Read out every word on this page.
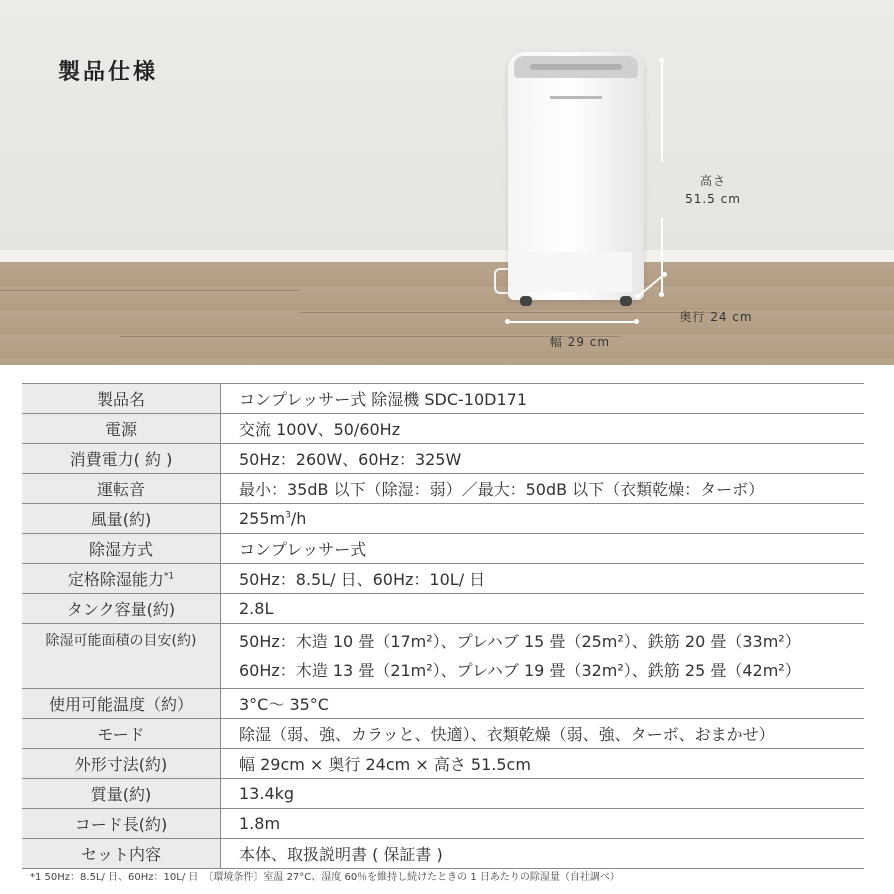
製品仕様
高さ
51.5 cm
奥行 24 cm
幅 29 cm
製品名	コンプレッサー式 除湿機 SDC-10D171
電源	交流 100V、50/60Hz
消費電力( 約 )	50Hz：260W、60Hz：325W
運転音	最小：35dB 以下（除湿：弱）／最大：50dB 以下（衣類乾燥：ターボ）
風量(約)	$255m^3/h$
除湿方式	コンプレッサー式
定格除湿能力$^{*1}$	50Hz：8.5L/ 日、60Hz：10L/ 日
タンク容量(約)	2.8L
除湿可能面積の目安(約)	50Hz：木造 10 畳（17m²）、プレハブ 15 畳（25m²）、鉄筋 20 畳（33m²）
60Hz：木造 13 畳（21m²）、プレハブ 19 畳（32m²）、鉄筋 25 畳（42m²）

使用可能温度（約）	3°C〜 35°C
モード	除湿（弱、強、カラッと、快適）、衣類乾燥（弱、強、ターボ、おまかせ）
外形寸法(約)	幅 29cm × 奥行 24cm × 高さ 51.5cm
質量(約)	13.4kg
コード長(約)	1.8m
セット内容	本体、取扱説明書 ( 保証書 )
*1 50Hz：8.5L/ 日、60Hz：10L/ 日　〔環境条件〕室温 27°C、湿度 60％を維持し続けたときの 1 日あたりの除湿量（自社調べ）
